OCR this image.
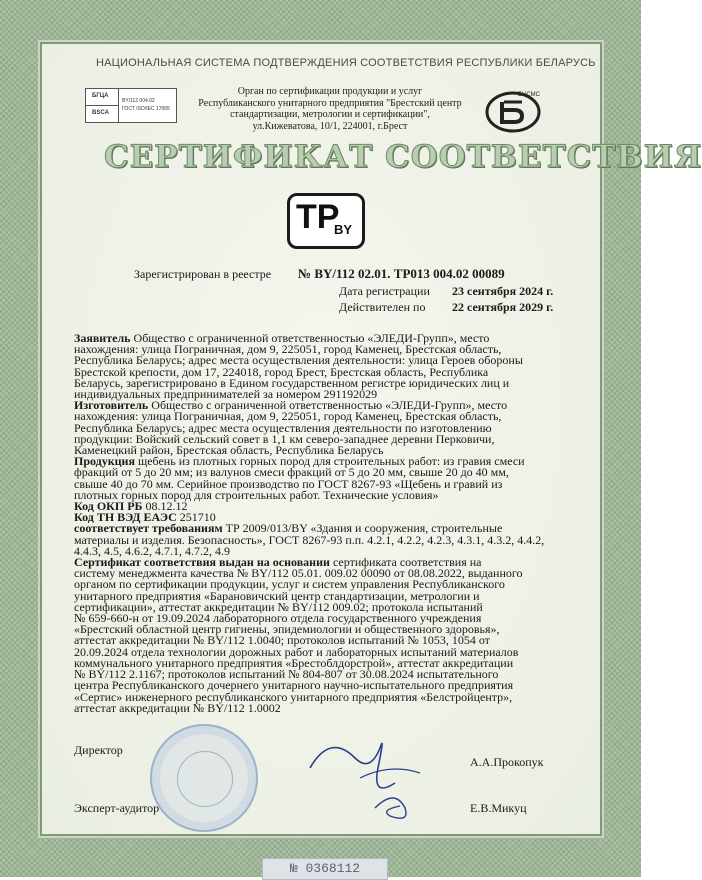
НАЦИОНАЛЬНАЯ СИСТЕМА ПОДТВЕРЖДЕНИЯ СООТВЕТСТВИЯ РЕСПУБЛИКИ БЕЛАРУСЬ
БГЦА
BSCA
BY/112 004.02
ГОСТ ISO/IEC 17065
Орган по сертификации продукции и услуг
Республиканского унитарного предприятия "Брестский центр
стандартизации, метрологии и сертификации",
ул.Кижеватова, 10/1, 224001, г.Брест
БЦСМС
СЕРТИФИКАТ СООТВЕТСТВИЯ
TP
BY
Зарегистрирован в реестре № BY/112 02.01. ТР013 004.02 00089
Дата регистрации 23 сентября 2024 г.
Действителен по 22 сентября 2029 г.
Заявитель Общество с ограниченной ответственностью «ЭЛЕДИ-Групп», место
нахождения: улица Пограничная, дом 9, 225051, город Каменец, Брестская область,
Республика Беларусь; адрес места осуществления деятельности: улица Героев обороны
Брестской крепости, дом 17, 224018, город Брест, Брестская область, Республика
Беларусь, зарегистрировано в Едином государственном регистре юридических лиц и
индивидуальных предпринимателей за номером 291192029
Изготовитель Общество с ограниченной ответственностью «ЭЛЕДИ-Групп», место
нахождения: улица Пограничная, дом 9, 225051, город Каменец, Брестская область,
Республика Беларусь; адрес места осуществления деятельности по изготовлению
продукции: Войский сельский совет в 1,1 км северо-западнее деревни Перковичи,
Каменецкий район, Брестская область, Республика Беларусь
Продукция щебень из плотных горных пород для строительных работ: из гравия смеси
фракций от 5 до 20 мм; из валунов смеси фракций от 5 до 20 мм, свыше 20 до 40 мм,
свыше 40 до 70 мм. Серийное производство по ГОСТ 8267-93 «Щебень и гравий из
плотных горных пород для строительных работ. Технические условия»
Код ОКП РБ 08.12.12
Код ТН ВЭД ЕАЭС 251710
соответствует требованиям ТР 2009/013/BY «Здания и сооружения, строительные
материалы и изделия. Безопасность», ГОСТ 8267-93 п.п. 4.2.1, 4.2.2, 4.2.3, 4.3.1, 4.3.2, 4.4.2,
4.4.3, 4.5, 4.6.2, 4.7.1, 4.7.2, 4.9
Сертификат соответствия выдан на основании сертификата соответствия на
систему менеджмента качества № BY/112 05.01. 009.02 00090 от 08.08.2022, выданного
органом по сертификации продукции, услуг и систем управления Республиканского
унитарного предприятия «Барановичский центр стандартизации, метрологии и
сертификации», аттестат аккредитации № BY/112 009.02; протокола испытаний
№ 659-660-н от 19.09.2024 лабораторного отдела государственного учреждения
«Брестский областной центр гигиены, эпидемиологии и общественного здоровья»,
аттестат аккредитации № BY/112 1.0040; протоколов испытаний № 1053, 1054 от
20.09.2024 отдела технологии дорожных работ и лабораторных испытаний материалов
коммунального унитарного предприятия «Брестоблдорстрой», аттестат аккредитации
№ BY/112 2.1167; протоколов испытаний № 804-807 от 30.08.2024 испытательного
центра Республиканского дочернего унитарного научно-испытательного предприятия
«Сертис» инженерного республиканского унитарного предприятия «Белстройцентр»,
аттестат аккредитации № BY/112 1.0002
Директор
А.А.Прокопук
Эксперт-аудитор	Е.В.Микуц
№ 0368112
